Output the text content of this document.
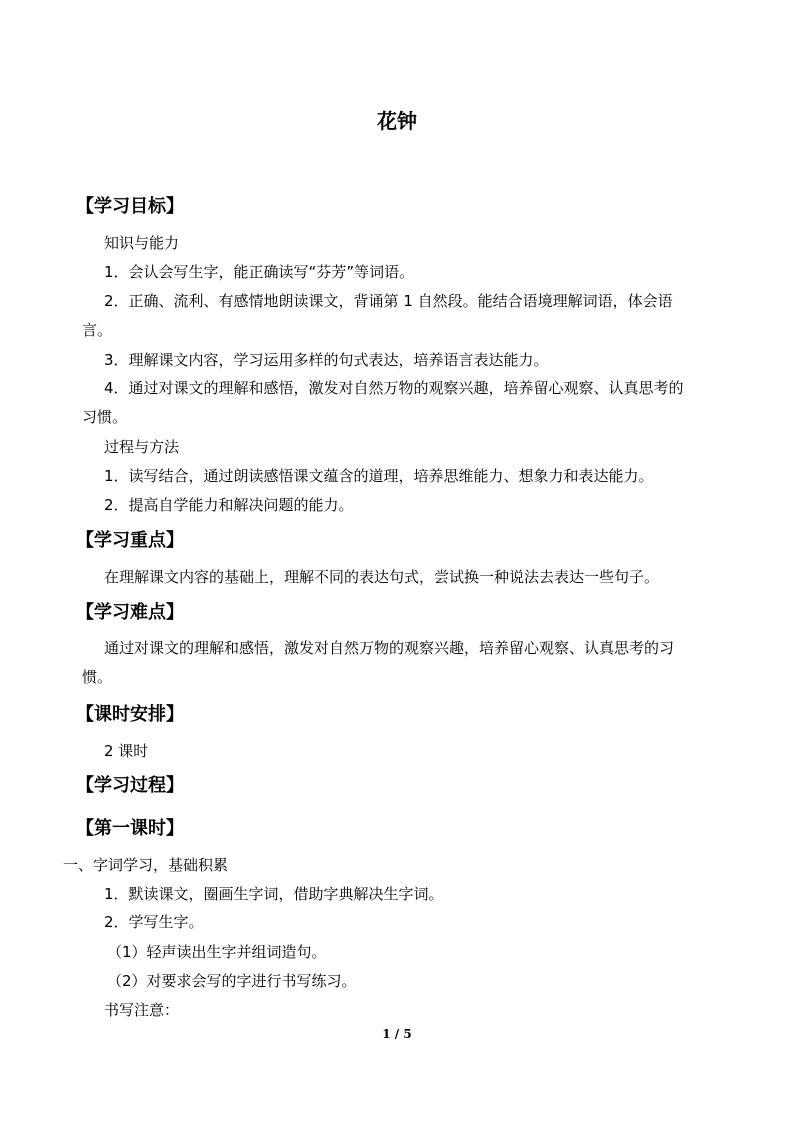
花钟
【学习目标】
知识与能力
1．会认会写生字，能正确读写“芬芳”等词语。
2．正确、流利、有感情地朗读课文，背诵第 1 自然段。能结合语境理解词语，体会语
言。
3．理解课文内容，学习运用多样的句式表达，培养语言表达能力。
4．通过对课文的理解和感悟，激发对自然万物的观察兴趣，培养留心观察、认真思考的
习惯。
过程与方法
1．读写结合，通过朗读感悟课文蕴含的道理，培养思维能力、想象力和表达能力。
2．提高自学能力和解决问题的能力。
【学习重点】
在理解课文内容的基础上，理解不同的表达句式，尝试换一种说法去表达一些句子。
【学习难点】
通过对课文的理解和感悟，激发对自然万物的观察兴趣，培养留心观察、认真思考的习
惯。
【课时安排】
2 课时
【学习过程】
【第一课时】
一、字词学习，基础积累
1．默读课文，圈画生字词，借助字典解决生字词。
2．学写生字。
（1）轻声读出生字并组词造句。
（2）对要求会写的字进行书写练习。
书写注意：
1 / 5
